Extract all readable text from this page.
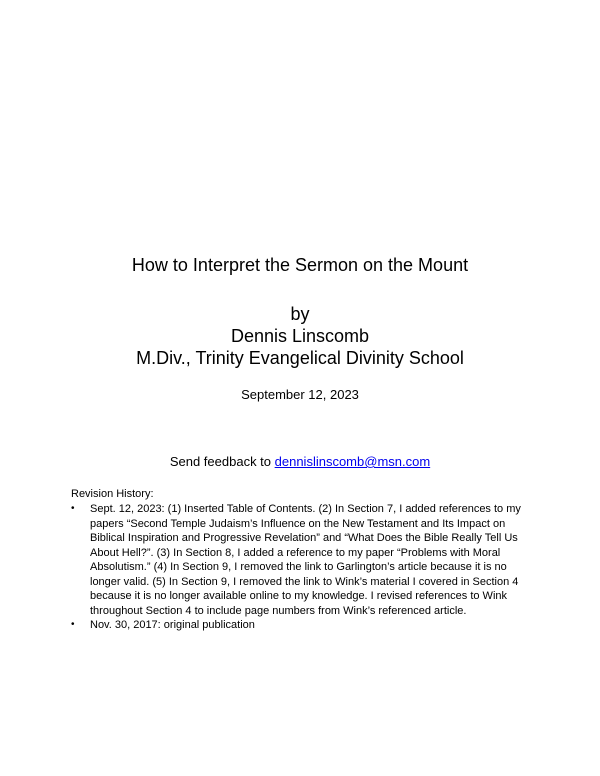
How to Interpret the Sermon on the Mount
by
Dennis Linscomb
M.Div., Trinity Evangelical Divinity School
September 12, 2023
Send feedback to dennislinscomb@msn.com
Revision History:
• Sept. 12, 2023: (1) Inserted Table of Contents. (2) In Section 7, I added references to my papers “Second Temple Judaism’s Influence on the New Testament and Its Impact on Biblical Inspiration and Progressive Revelation” and “What Does the Bible Really Tell Us About Hell?”. (3) In Section 8, I added a reference to my paper “Problems with Moral Absolutism.” (4) In Section 9, I removed the link to Garlington’s article because it is no longer valid. (5) In Section 9, I removed the link to Wink’s material I covered in Section 4 because it is no longer available online to my knowledge. I revised references to Wink throughout Section 4 to include page numbers from Wink’s referenced article.
• Nov. 30, 2017: original publication
